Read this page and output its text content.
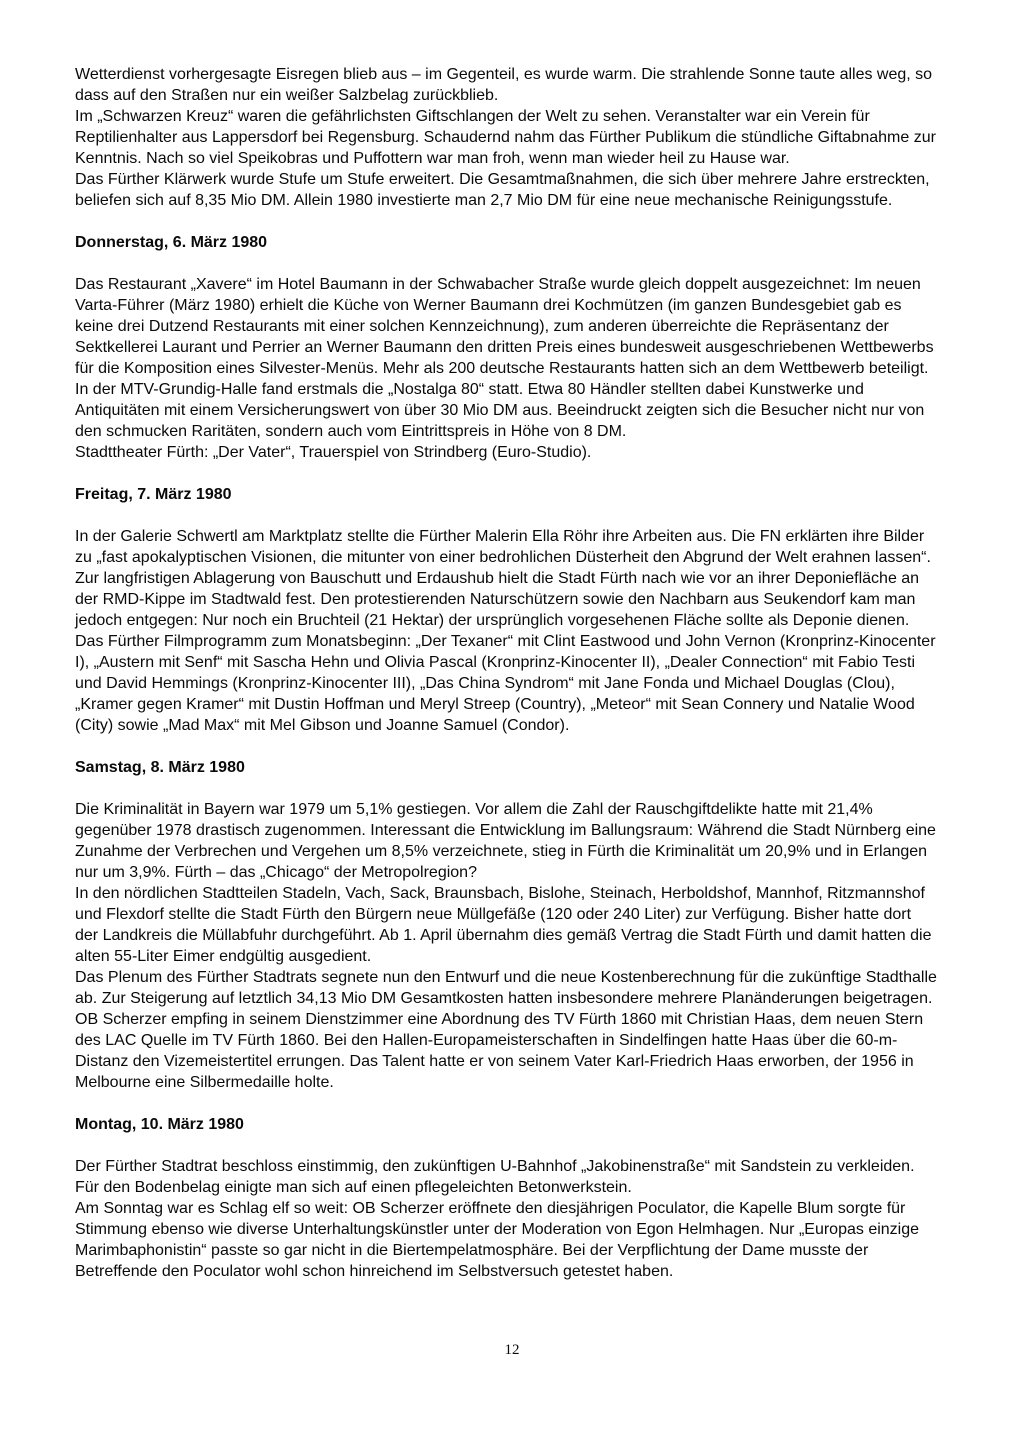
Wetterdienst vorhergesagte Eisregen blieb aus – im Gegenteil, es wurde warm. Die strahlende Sonne taute alles weg, so dass auf den Straßen nur ein weißer Salzbelag zurückblieb.

Im „Schwarzen Kreuz“ waren die gefährlichsten Giftschlangen der Welt zu sehen. Veranstalter war ein Verein für Reptilienhalter aus Lappersdorf bei Regensburg. Schaudernd nahm das Fürther Publikum die stündliche Giftabnahme zur Kenntnis. Nach so viel Speikobras und Puffottern war man froh, wenn man wieder heil zu Hause war.

Das Fürther Klärwerk wurde Stufe um Stufe erweitert. Die Gesamtmaßnahmen, die sich über mehrere Jahre erstreckten, beliefen sich auf 8,35 Mio DM. Allein 1980 investierte man 2,7 Mio DM für eine neue mechanische Reinigungsstufe.

Donnerstag, 6. März 1980

Das Restaurant „Xavere“ im Hotel Baumann in der Schwabacher Straße wurde gleich doppelt ausgezeichnet: Im neuen Varta-Führer (März 1980) erhielt die Küche von Werner Baumann drei Kochmützen (im ganzen Bundesgebiet gab es keine drei Dutzend Restaurants mit einer solchen Kennzeichnung), zum anderen überreichte die Repräsentanz der Sektkellerei Laurant und Perrier an Werner Baumann den dritten Preis eines bundesweit ausgeschriebenen Wettbewerbs für die Komposition eines Silvester-Menüs. Mehr als 200 deutsche Restaurants hatten sich an dem Wettbewerb beteiligt.

In der MTV-Grundig-Halle fand erstmals die „Nostalga 80“ statt. Etwa 80 Händler stellten dabei Kunstwerke und Antiquitäten mit einem Versicherungswert von über 30 Mio DM aus. Beeindruckt zeigten sich die Besucher nicht nur von den schmucken Raritäten, sondern auch vom Eintrittspreis in Höhe von 8 DM.

Stadttheater Fürth: „Der Vater“, Trauerspiel von Strindberg (Euro-Studio).

Freitag, 7. März 1980

In der Galerie Schwertl am Marktplatz stellte die Fürther Malerin Ella Röhr ihre Arbeiten aus. Die FN erklärten ihre Bilder zu „fast apokalyptischen Visionen, die mitunter von einer bedrohlichen Düsterheit den Abgrund der Welt erahnen lassen“.

Zur langfristigen Ablagerung von Bauschutt und Erdaushub hielt die Stadt Fürth nach wie vor an ihrer Deponiefläche an der RMD-Kippe im Stadtwald fest. Den protestierenden Naturschützern sowie den Nachbarn aus Seukendorf kam man jedoch entgegen: Nur noch ein Bruchteil (21 Hektar) der ursprünglich vorgesehenen Fläche sollte als Deponie dienen.

Das Fürther Filmprogramm zum Monatsbeginn: „Der Texaner“ mit Clint Eastwood und John Vernon (Kronprinz-Kinocenter I), „Austern mit Senf“ mit Sascha Hehn und Olivia Pascal (Kronprinz-Kinocenter II), „Dealer Connection“ mit Fabio Testi und David Hemmings (Kronprinz-Kinocenter III), „Das China Syndrom“ mit Jane Fonda und Michael Douglas (Clou), „Kramer gegen Kramer“ mit Dustin Hoffman und Meryl Streep (Country), „Meteor“ mit Sean Connery und Natalie Wood (City) sowie „Mad Max“ mit Mel Gibson und Joanne Samuel (Condor).

Samstag, 8. März 1980

Die Kriminalität in Bayern war 1979 um 5,1% gestiegen. Vor allem die Zahl der Rauschgiftdelikte hatte mit 21,4% gegenüber 1978 drastisch zugenommen. Interessant die Entwicklung im Ballungsraum: Während die Stadt Nürnberg eine Zunahme der Verbrechen und Vergehen um 8,5% verzeichnete, stieg in Fürth die Kriminalität um 20,9% und in Erlangen nur um 3,9%. Fürth – das „Chicago“ der Metropolregion?

In den nördlichen Stadtteilen Stadeln, Vach, Sack, Braunsbach, Bislohe, Steinach, Herboldshof, Mannhof, Ritzmannshof und Flexdorf stellte die Stadt Fürth den Bürgern neue Müllgefäße (120 oder 240 Liter) zur Verfügung. Bisher hatte dort der Landkreis die Müllabfuhr durchgeführt. Ab 1. April übernahm dies gemäß Vertrag die Stadt Fürth und damit hatten die alten 55-Liter Eimer endgültig ausgedient.

Das Plenum des Fürther Stadtrats segnete nun den Entwurf und die neue Kostenberechnung für die zukünftige Stadthalle ab. Zur Steigerung auf letztlich 34,13 Mio DM Gesamtkosten hatten insbesondere mehrere Planänderungen beigetragen.

OB Scherzer empfing in seinem Dienstzimmer eine Abordnung des TV Fürth 1860 mit Christian Haas, dem neuen Stern des LAC Quelle im TV Fürth 1860. Bei den Hallen-Europameisterschaften in Sindelfingen hatte Haas über die 60-m-Distanz den Vizemeistertitel errungen. Das Talent hatte er von seinem Vater Karl-Friedrich Haas erworben, der 1956 in Melbourne eine Silbermedaille holte.

Montag, 10. März 1980

Der Fürther Stadtrat beschloss einstimmig, den zukünftigen U-Bahnhof „Jakobinenstraße“ mit Sandstein zu verkleiden. Für den Bodenbelag einigte man sich auf einen pflegeleichten Betonwerkstein.

Am Sonntag war es Schlag elf so weit: OB Scherzer eröffnete den diesjährigen Poculator, die Kapelle Blum sorgte für Stimmung ebenso wie diverse Unterhaltungskünstler unter der Moderation von Egon Helmhagen. Nur „Europas einzige Marimbaphonistin“ passte so gar nicht in die Biertempelatmosphäre. Bei der Verpflichtung der Dame musste der Betreffende den Poculator wohl schon hinreichend im Selbstversuch getestet haben.

12
